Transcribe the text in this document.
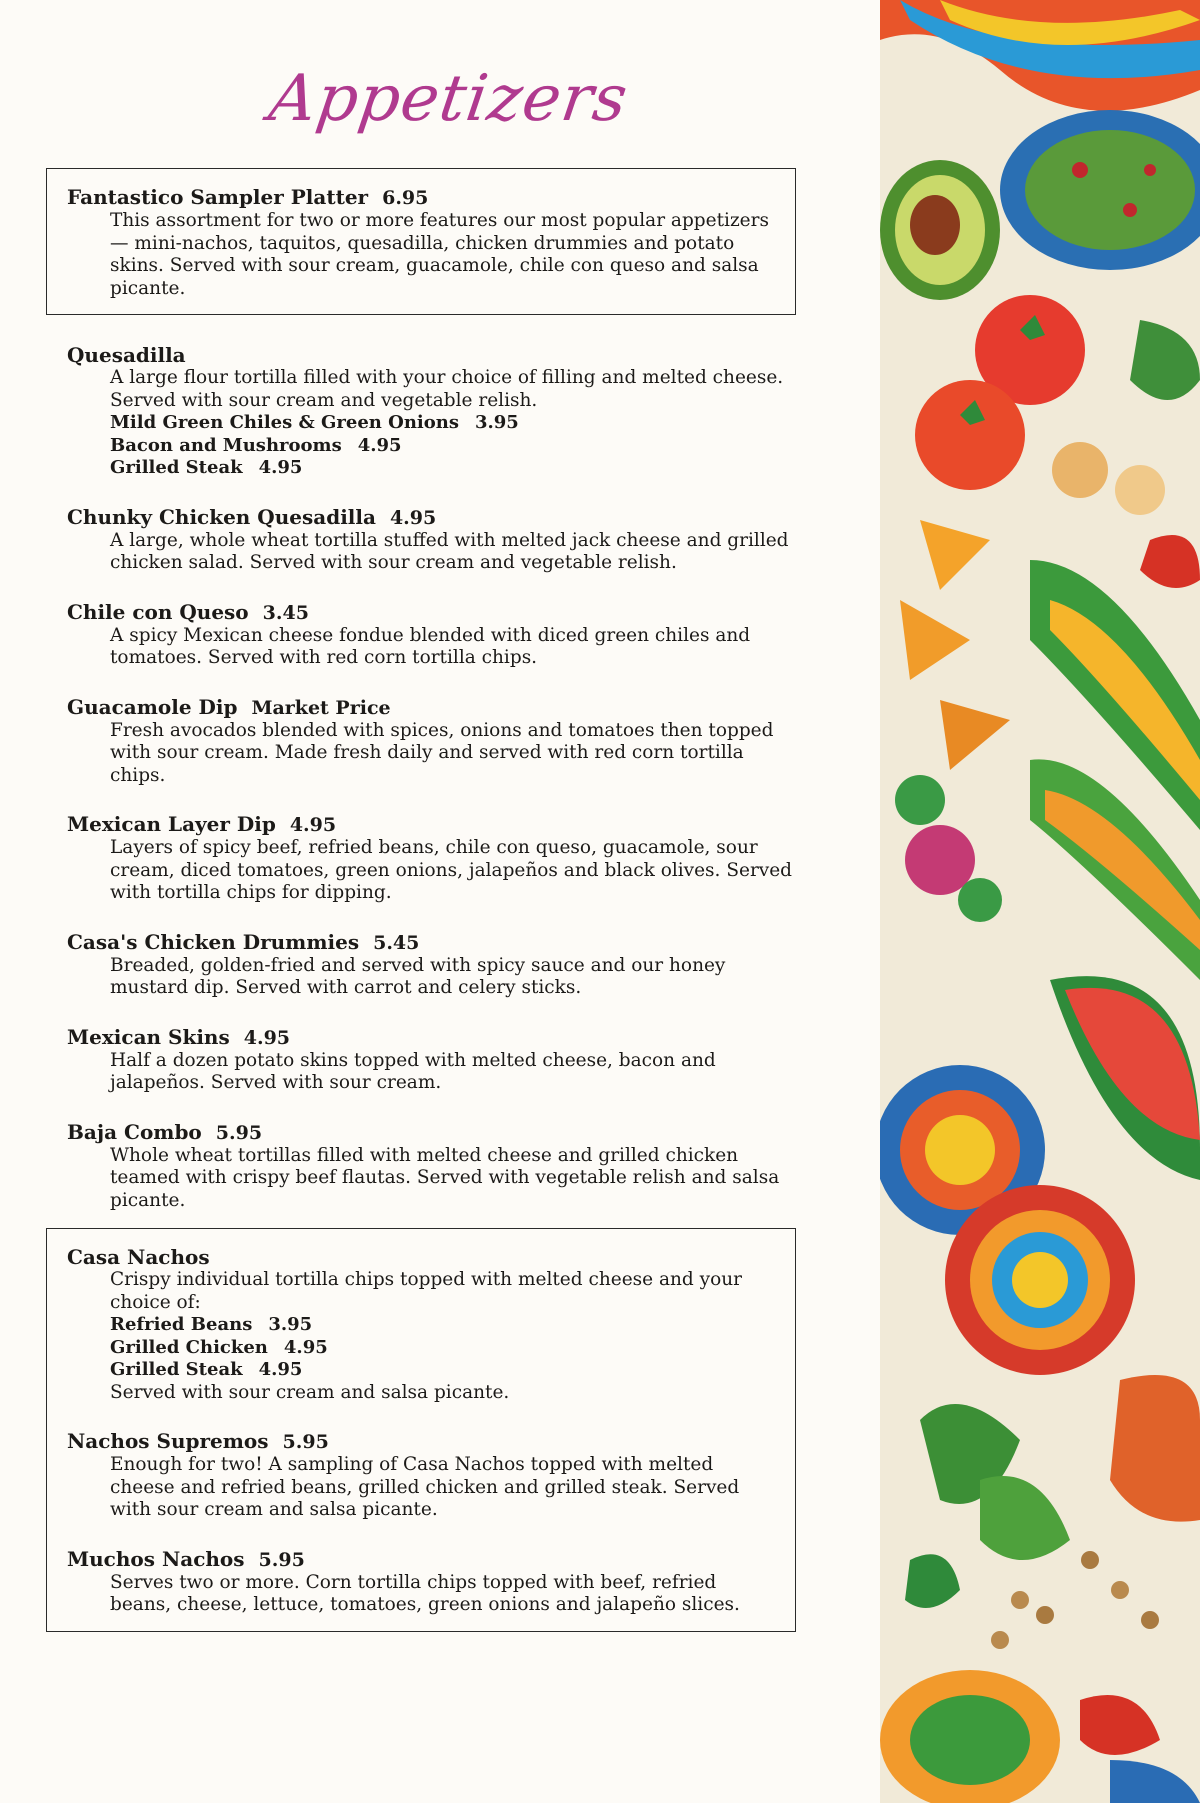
Appetizers
Fantastico Sampler Platter 6.95
This assortment for two or more features our most popular appetizers — mini-nachos, taquitos, quesadilla, chicken drummies and potato skins. Served with sour cream, guacamole, chile con queso and salsa picante.
Quesadilla
A large flour tortilla filled with your choice of filling and melted cheese. Served with sour cream and vegetable relish.
Mild Green Chiles & Green Onions 3.95
Bacon and Mushrooms 4.95
Grilled Steak 4.95
Chunky Chicken Quesadilla 4.95
A large, whole wheat tortilla stuffed with melted jack cheese and grilled chicken salad. Served with sour cream and vegetable relish.
Chile con Queso 3.45
A spicy Mexican cheese fondue blended with diced green chiles and tomatoes. Served with red corn tortilla chips.
Guacamole Dip Market Price
Fresh avocados blended with spices, onions and tomatoes then topped with sour cream. Made fresh daily and served with red corn tortilla chips.
Mexican Layer Dip 4.95
Layers of spicy beef, refried beans, chile con queso, guacamole, sour cream, diced tomatoes, green onions, jalapeños and black olives. Served with tortilla chips for dipping.
Casa's Chicken Drummies 5.45
Breaded, golden-fried and served with spicy sauce and our honey mustard dip. Served with carrot and celery sticks.
Mexican Skins 4.95
Half a dozen potato skins topped with melted cheese, bacon and jalapeños. Served with sour cream.
Baja Combo 5.95
Whole wheat tortillas filled with melted cheese and grilled chicken teamed with crispy beef flautas. Served with vegetable relish and salsa picante.
Casa Nachos
Crispy individual tortilla chips topped with melted cheese and your choice of:
Refried Beans 3.95
Grilled Chicken 4.95
Grilled Steak 4.95
Served with sour cream and salsa picante.
Nachos Supremos 5.95
Enough for two! A sampling of Casa Nachos topped with melted cheese and refried beans, grilled chicken and grilled steak. Served with sour cream and salsa picante.
Muchos Nachos 5.95
Serves two or more. Corn tortilla chips topped with beef, refried beans, cheese, lettuce, tomatoes, green onions and jalapeño slices.
